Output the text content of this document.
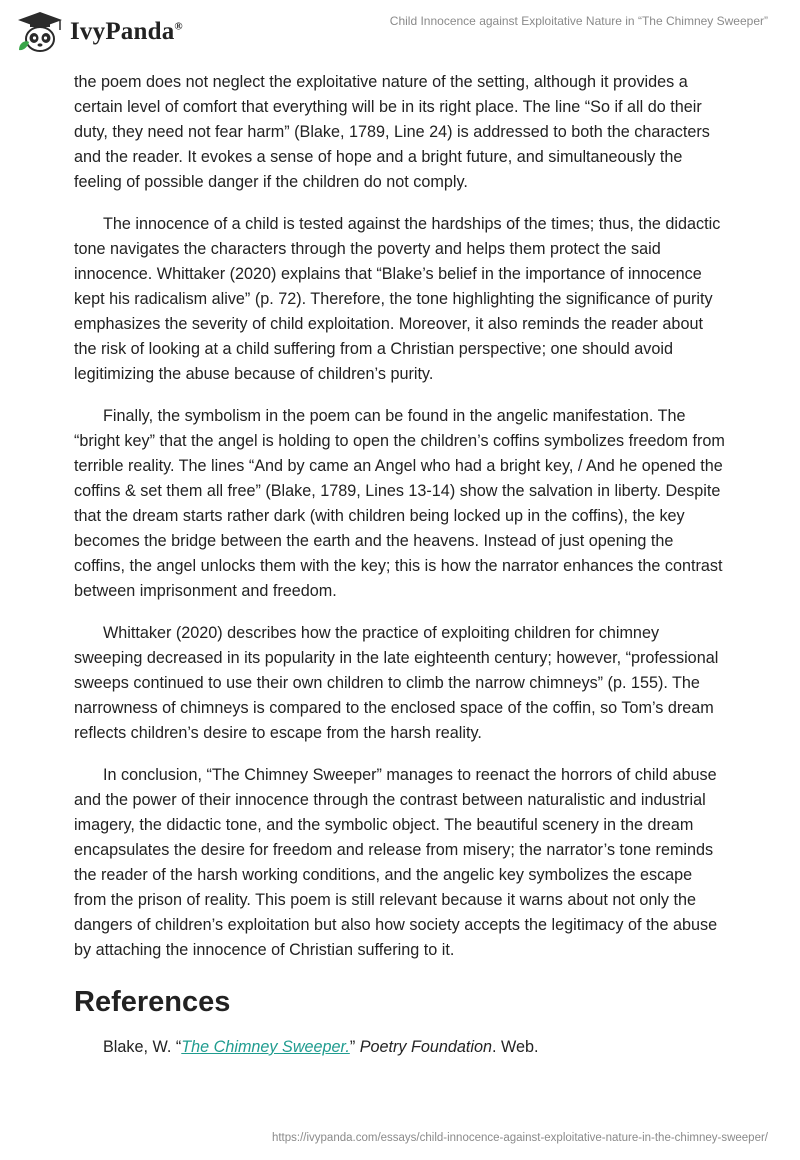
IvyPanda®	Child Innocence against Exploitative Nature in “The Chimney Sweeper”

the poem does not neglect the exploitative nature of the setting, although it provides a certain level of comfort that everything will be in its right place. The line “So if all do their duty, they need not fear harm” (Blake, 1789, Line 24) is addressed to both the characters and the reader. It evokes a sense of hope and a bright future, and simultaneously the feeling of possible danger if the children do not comply.

The innocence of a child is tested against the hardships of the times; thus, the didactic tone navigates the characters through the poverty and helps them protect the said innocence. Whittaker (2020) explains that “Blake’s belief in the importance of innocence kept his radicalism alive” (p. 72). Therefore, the tone highlighting the significance of purity emphasizes the severity of child exploitation. Moreover, it also reminds the reader about the risk of looking at a child suffering from a Christian perspective; one should avoid legitimizing the abuse because of children’s purity.

Finally, the symbolism in the poem can be found in the angelic manifestation. The “bright key” that the angel is holding to open the children’s coffins symbolizes freedom from terrible reality. The lines “And by came an Angel who had a bright key, / And he opened the coffins & set them all free” (Blake, 1789, Lines 13-14) show the salvation in liberty. Despite that the dream starts rather dark (with children being locked up in the coffins), the key becomes the bridge between the earth and the heavens. Instead of just opening the coffins, the angel unlocks them with the key; this is how the narrator enhances the contrast between imprisonment and freedom.

Whittaker (2020) describes how the practice of exploiting children for chimney sweeping decreased in its popularity in the late eighteenth century; however, “professional sweeps continued to use their own children to climb the narrow chimneys” (p. 155). The narrowness of chimneys is compared to the enclosed space of the coffin, so Tom’s dream reflects children’s desire to escape from the harsh reality.

In conclusion, “The Chimney Sweeper” manages to reenact the horrors of child abuse and the power of their innocence through the contrast between naturalistic and industrial imagery, the didactic tone, and the symbolic object. The beautiful scenery in the dream encapsulates the desire for freedom and release from misery; the narrator’s tone reminds the reader of the harsh working conditions, and the angelic key symbolizes the escape from the prison of reality. This poem is still relevant because it warns about not only the dangers of children’s exploitation but also how society accepts the legitimacy of the abuse by attaching the innocence of Christian suffering to it.

References
Blake, W. “The Chimney Sweeper.” Poetry Foundation. Web.
https://ivypanda.com/essays/child-innocence-against-exploitative-nature-in-the-chimney-sweeper/
